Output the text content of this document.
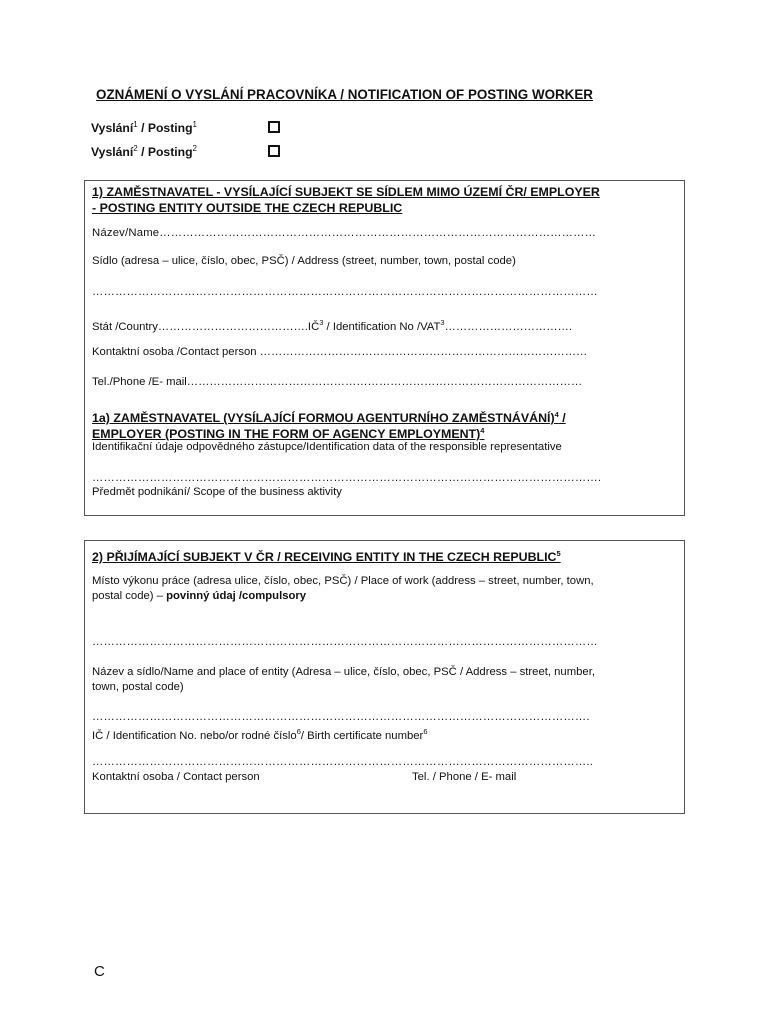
OZNÁMENÍ O VYSLÁNÍ PRACOVNÍKA / NOTIFICATION OF POSTING WORKER
Vyslání$^1$ / Posting$^1$
Vyslání$^2$ / Posting$^2$
1) ZAMĚSTNAVATEL - VYSÍLAJÍCÍ SUBJEKT SE SÍDLEM MIMO ÚZEMÍ ČR/ EMPLOYER
- POSTING ENTITY OUTSIDE THE CZECH REPUBLIC
Název/Name……………………………………………………………………………………………………
Sídlo (adresa – ulice, číslo, obec, PSČ) / Address (street, number, town, postal code)
……………………………………………………………………………………………………………………
Stát $/Country\dots\dots\dots\dots\dots\dots\dots\dots\dots\dots\dots\dots\dots.IČ^3$ / Identification No /VAT$^3$…………………………….
Kontaktní osoba /Contact person ……………………………………………………………………………
Tel./Phone /E- mail……………………………………………………………………………………………
1a) ZAMĚSTNAVATEL (VYSÍLAJÍCÍ FORMOU AGENTURNÍHO ZAMĚSTNÁVÁNÍ)$^4$ /
EMPLOYER (POSTING IN THE FORM OF AGENCY EMPLOYMENT)$^4$
Identifikační údaje odpovědného zástupce/Identification data of the responsible representative
…………………………………………………………………………………………………………………….
Předmět podnikání/ Scope of the business aktivity
2) PŘIJÍMAJÍCÍ SUBJEKT V ČR / RECEIVING ENTITY IN THE CZECH REPUBLIC$^5$
Místo výkonu práce (adresa ulice, číslo, obec, PSČ) / Place of work (address – street, number, town,
postal code) – povinný údaj /compulsory
……………………………………………………………………………………………………………………
Název a sídlo/Name and place of entity (Adresa – ulice, číslo, obec, PSČ / Address – street, number,
town, postal code)
………………………………………………………………………………………………………………….
IČ / Identification No. nebo/or rodné číslo$^6$/ Birth certificate number$^6$
…………………………………………………………………………………………………………………..
Kontaktní osoba / Contact person	Tel. / Phone / E- mail
C
